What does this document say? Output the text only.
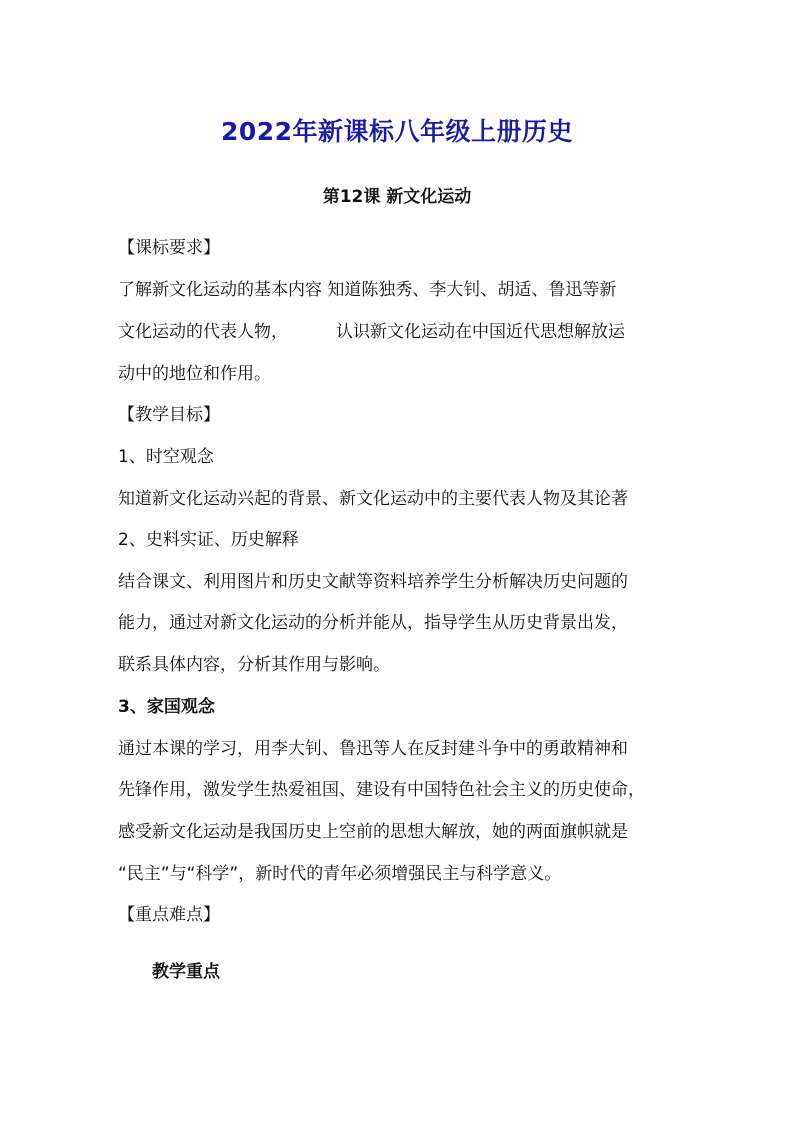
2022年新课标八年级上册历史
第12课 新文化运动
【课标要求】
了解新文化运动的基本内容 知道陈独秀、李大钊、胡适、鲁迅等新
文化运动的代表人物，	认识新文化运动在中国近代思想解放运
动中的地位和作用。
【教学目标】
1、时空观念
知道新文化运动兴起的背景、新文化运动中的主要代表人物及其论著
2、史料实证、历史解释
结合课文、利用图片和历史文献等资料培养学生分析解决历史问题的
能力，通过对新文化运动的分析并能从，指导学生从历史背景出发，
联系具体内容，分析其作用与影响。
3、家国观念
通过本课的学习，用李大钊、鲁迅等人在反封建斗争中的勇敢精神和
先锋作用，激发学生热爱祖国、建设有中国特色社会主义的历史使命，
感受新文化运动是我国历史上空前的思想大解放，她的两面旗帜就是
“民主”与“科学”，新时代的青年必须增强民主与科学意义。
【重点难点】
教学重点
